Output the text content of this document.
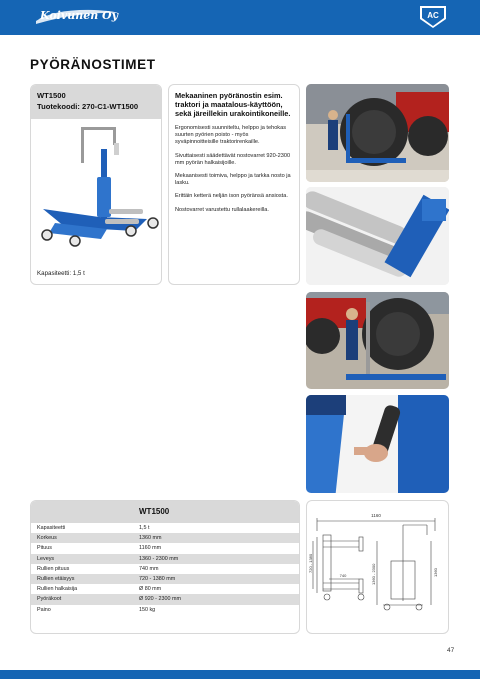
Koivunen Oy	AC
PYÖRÄNOSTIMET
WT1500
Tuotekoodi: 270-C1-WT1500
Kapasiteetti: 1,5 t

Mekaaninen pyöränostin esim. traktori ja maatalous-käyttöön, sekä järeillekin urakointikoneille.

Ergonomisesti suunniteltu, helppo ja tehokas suurten pyörien poisto - myös syväpinnoitteisille traktorirenkaille.

Sivuttaisesti säädettävät nostovarret 920-2300 mm pyörän halkaisijoille.

Mekaanisesti toimiva, helppo ja tarkka nosto ja lasku.

Erittäin ketterä neljän ison pyöränsä ansiosta.

Nostovarret varustettu rullalaakereilla.

WT1500
Kapasiteetti	1,5 t
Korkeus	1360 mm
Pituus	1160 mm
Leveys	1360 - 2300 mm
Rullien pituus	740 mm
Rullien etäisyys	720 - 1380 mm
Rullien halkaisija	Ø 80 mm
Pyöräkoot	Ø 920 - 2300 mm
Paino	150 kg
1160
720 - 1380
740	1360 - 2300	1360
47
